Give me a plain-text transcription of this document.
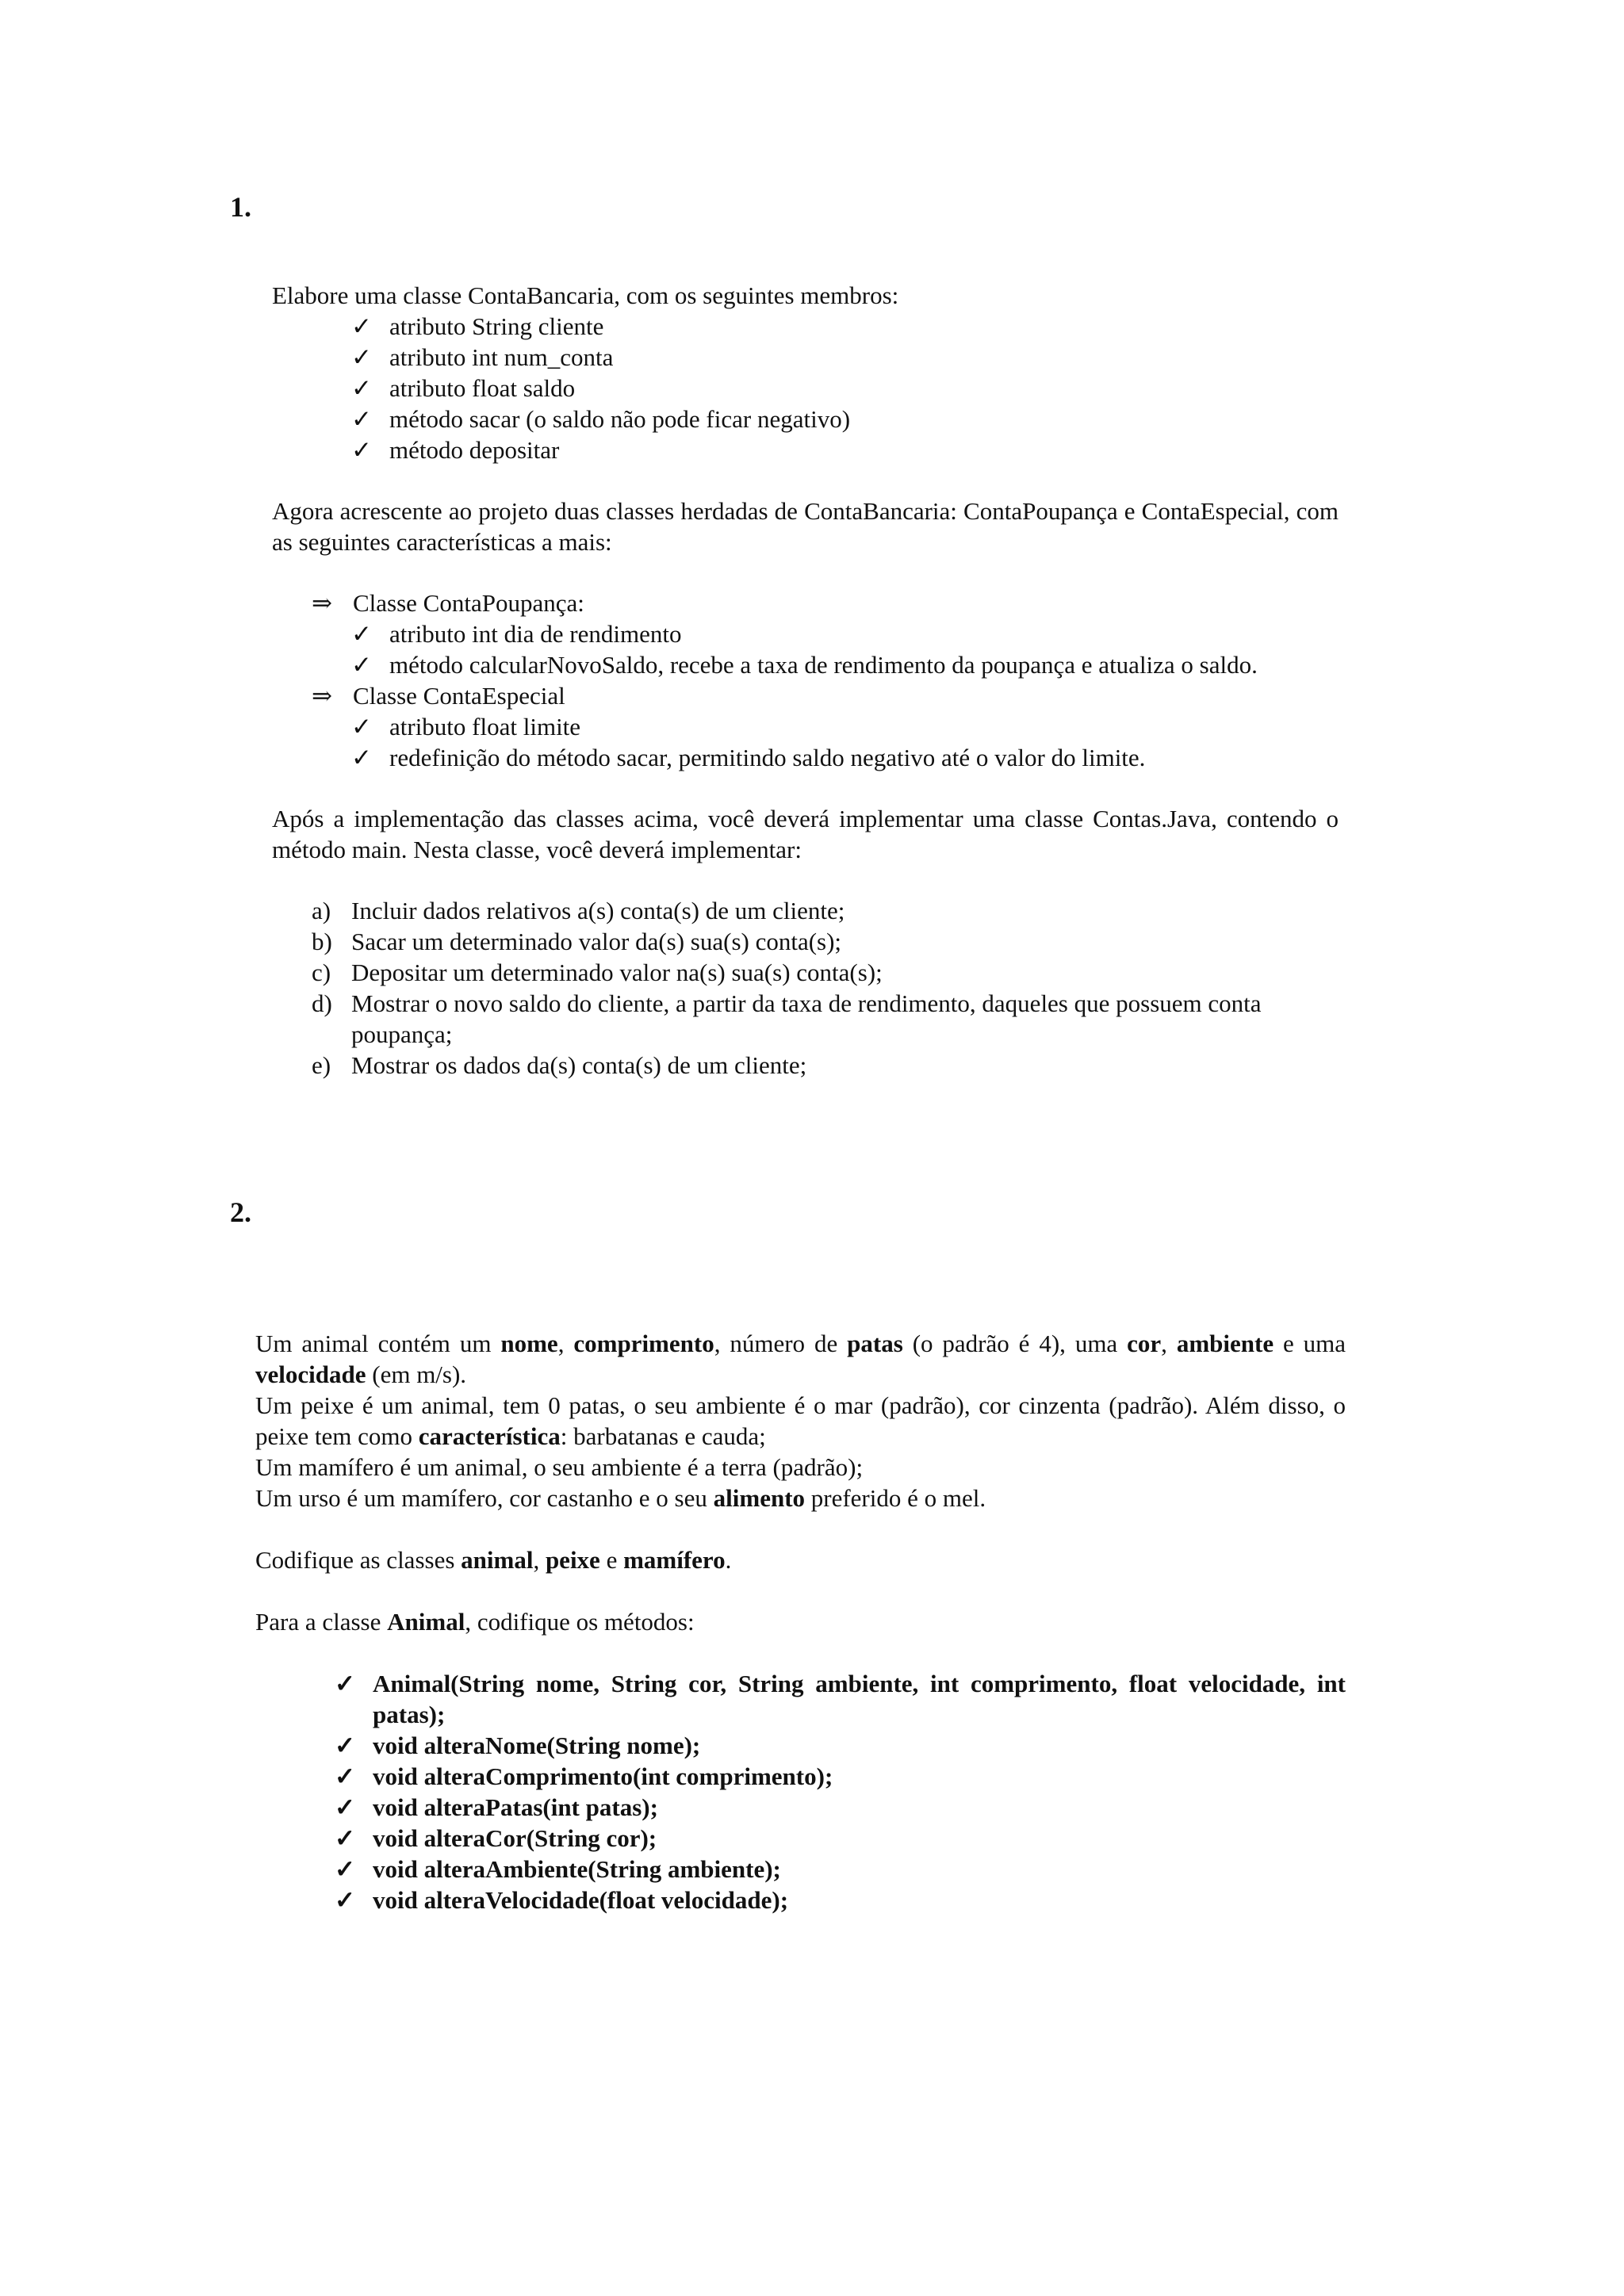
1.

Elabore uma classe ContaBancaria, com os seguintes membros:

✓ atributo String cliente
✓ atributo int num_conta
✓ atributo float saldo
✓ método sacar (o saldo não pode ficar negativo)
✓ método depositar

Agora acrescente ao projeto duas classes herdadas de ContaBancaria: ContaPoupança e ContaEspecial, com as seguintes características a mais:

⇒ Classe ContaPoupança:
✓ atributo int dia de rendimento
✓ método calcularNovoSaldo, recebe a taxa de rendimento da poupança e atualiza o saldo.
⇒ Classe ContaEspecial
✓ atributo float limite
✓ redefinição do método sacar, permitindo saldo negativo até o valor do limite.

Após a implementação das classes acima, você deverá implementar uma classe Contas.Java, contendo o método main. Nesta classe, você deverá implementar:

a) Incluir dados relativos a(s) conta(s) de um cliente;
b) Sacar um determinado valor da(s) sua(s) conta(s);
c) Depositar um determinado valor na(s) sua(s) conta(s);
d) Mostrar o novo saldo do cliente, a partir da taxa de rendimento, daqueles que possuem conta poupança;
e) Mostrar os dados da(s) conta(s) de um cliente;
2.

Um animal contém um nome, comprimento, número de patas (o padrão é 4), uma cor, ambiente e uma velocidade (em m/s).

Um peixe é um animal, tem 0 patas, o seu ambiente é o mar (padrão), cor cinzenta (padrão). Além disso, o peixe tem como característica: barbatanas e cauda;

Um mamífero é um animal, o seu ambiente é a terra (padrão);

Um urso é um mamífero, cor castanho e o seu alimento preferido é o mel.

Codifique as classes animal, peixe e mamífero.

Para a classe Animal, codifique os métodos:

✓ Animal(String nome, String cor, String ambiente, int comprimento, float velocidade, int patas);
✓ void alteraNome(String nome);
✓ void alteraComprimento(int comprimento);
✓ void alteraPatas(int patas);
✓ void alteraCor(String cor);
✓ void alteraAmbiente(String ambiente);
✓ void alteraVelocidade(float velocidade);
